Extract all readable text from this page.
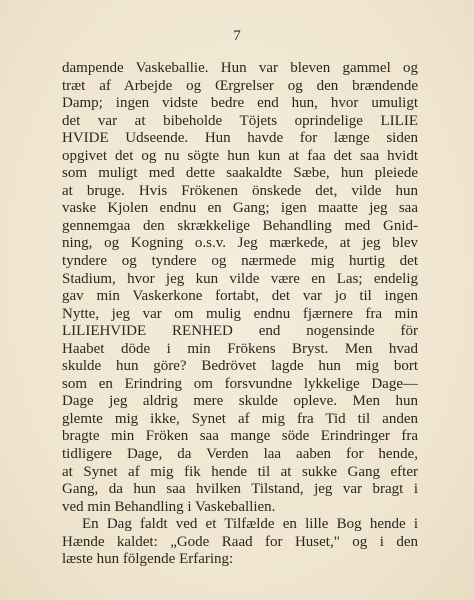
7
dampende Vaskeballie. Hun var bleven gammel og
træt af Arbejde og Œrgrelser og den brændende
Damp; ingen vidste bedre end hun, hvor umuligt
det var at bibeholde Töjets oprindelige LILIE
HVIDE Udseende. Hun havde for længe siden
opgivet det og nu sögte hun kun at faa det saa hvidt
som muligt med dette saakaldte Sæbe, hun pleiede
at bruge. Hvis Frökenen önskede det, vilde hun
vaske Kjolen endnu en Gang; igen maatte jeg saa
gennemgaa den skrækkelige Behandling med Gnid-
ning, og Kogning o.s.v. Jeg mærkede, at jeg blev
tyndere og tyndere og nærmede mig hurtig det
Stadium, hvor jeg kun vilde være en Las; endelig
gav min Vaskerkone fortabt, det var jo til ingen
Nytte, jeg var om mulig endnu fjærnere fra min
LILIEHVIDE RENHED end nogensinde för
Haabet döde i min Frökens Bryst. Men hvad
skulde hun göre? Bedrövet lagde hun mig bort
som en Erindring om forsvundne lykkelige Dage—
Dage jeg aldrig mere skulde opleve. Men hun
glemte mig ikke, Synet af mig fra Tid til anden
bragte min Fröken saa mange söde Erindringer fra
tidligere Dage, da Verden laa aaben for hende,
at Synet af mig fik hende til at sukke Gang efter
Gang, da hun saa hvilken Tilstand, jeg var bragt i
ved min Behandling i Vaskeballien.
En Dag faldt ved et Tilfælde en lille Bog hende i
Hænde kaldet: „Gode Raad for Huset," og i den
læste hun fölgende Erfaring:
